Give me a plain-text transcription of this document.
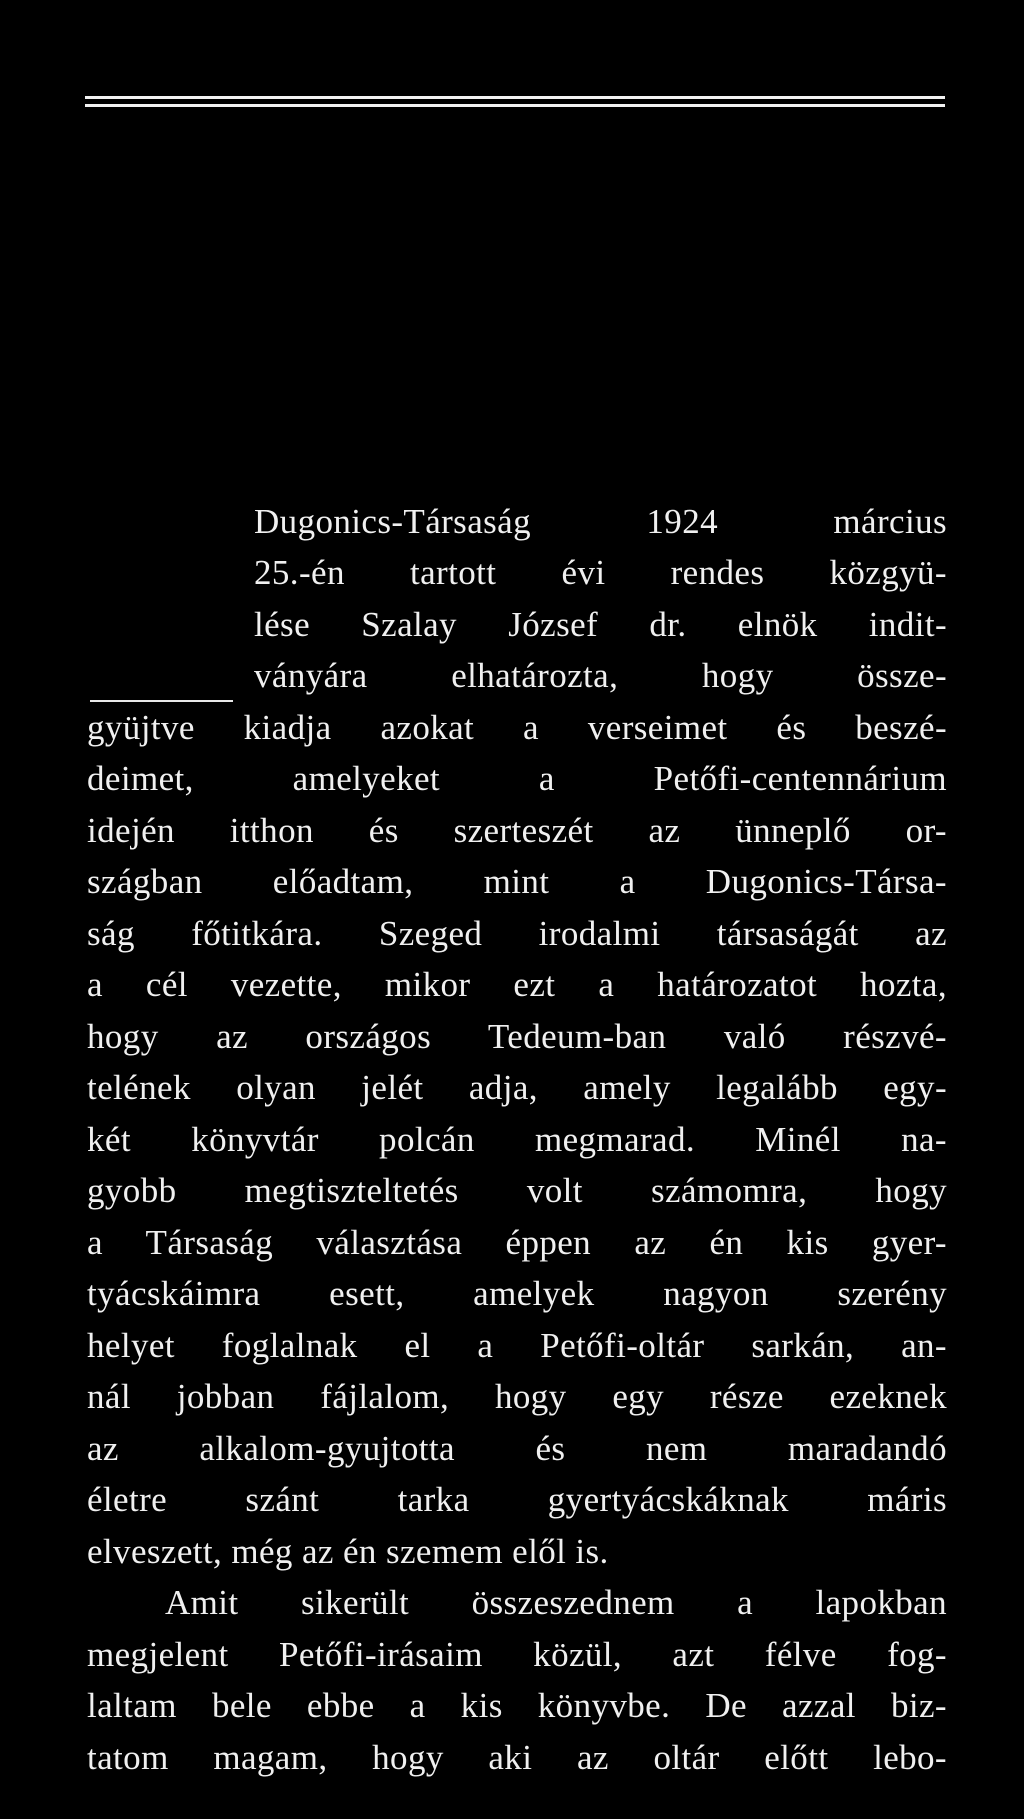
Dugonics-Társaság 1924 március
25.-én tartott évi rendes közgyü-
lése Szalay József dr. elnök indit-
ványára elhatározta, hogy össze-
gyüjtve kiadja azokat a verseimet és beszé-
deimet, amelyeket a Petőfi-centennárium
idején itthon és szerteszét az ünneplő or-
szágban előadtam, mint a Dugonics-Társa-
ság főtitkára. Szeged irodalmi társaságát az
a cél vezette, mikor ezt a határozatot hozta,
hogy az országos Tedeum-ban való részvé-
telének olyan jelét adja, amely legalább egy-
két könyvtár polcán megmarad. Minél na-
gyobb megtiszteltetés volt számomra, hogy
a Társaság választása éppen az én kis gyer-
tyácskáimra esett, amelyek nagyon szerény
helyet foglalnak el a Petőfi-oltár sarkán, an-
nál jobban fájlalom, hogy egy része ezeknek
az alkalom-gyujtotta és nem maradandó
életre szánt tarka gyertyácskáknak máris
elveszett, még az én szemem elől is.
Amit sikerült összeszednem a lapokban
megjelent Petőfi-irásaim közül, azt félve fog-
laltam bele ebbe a kis könyvbe. De azzal biz-
tatom magam, hogy aki az oltár előtt lebo-
